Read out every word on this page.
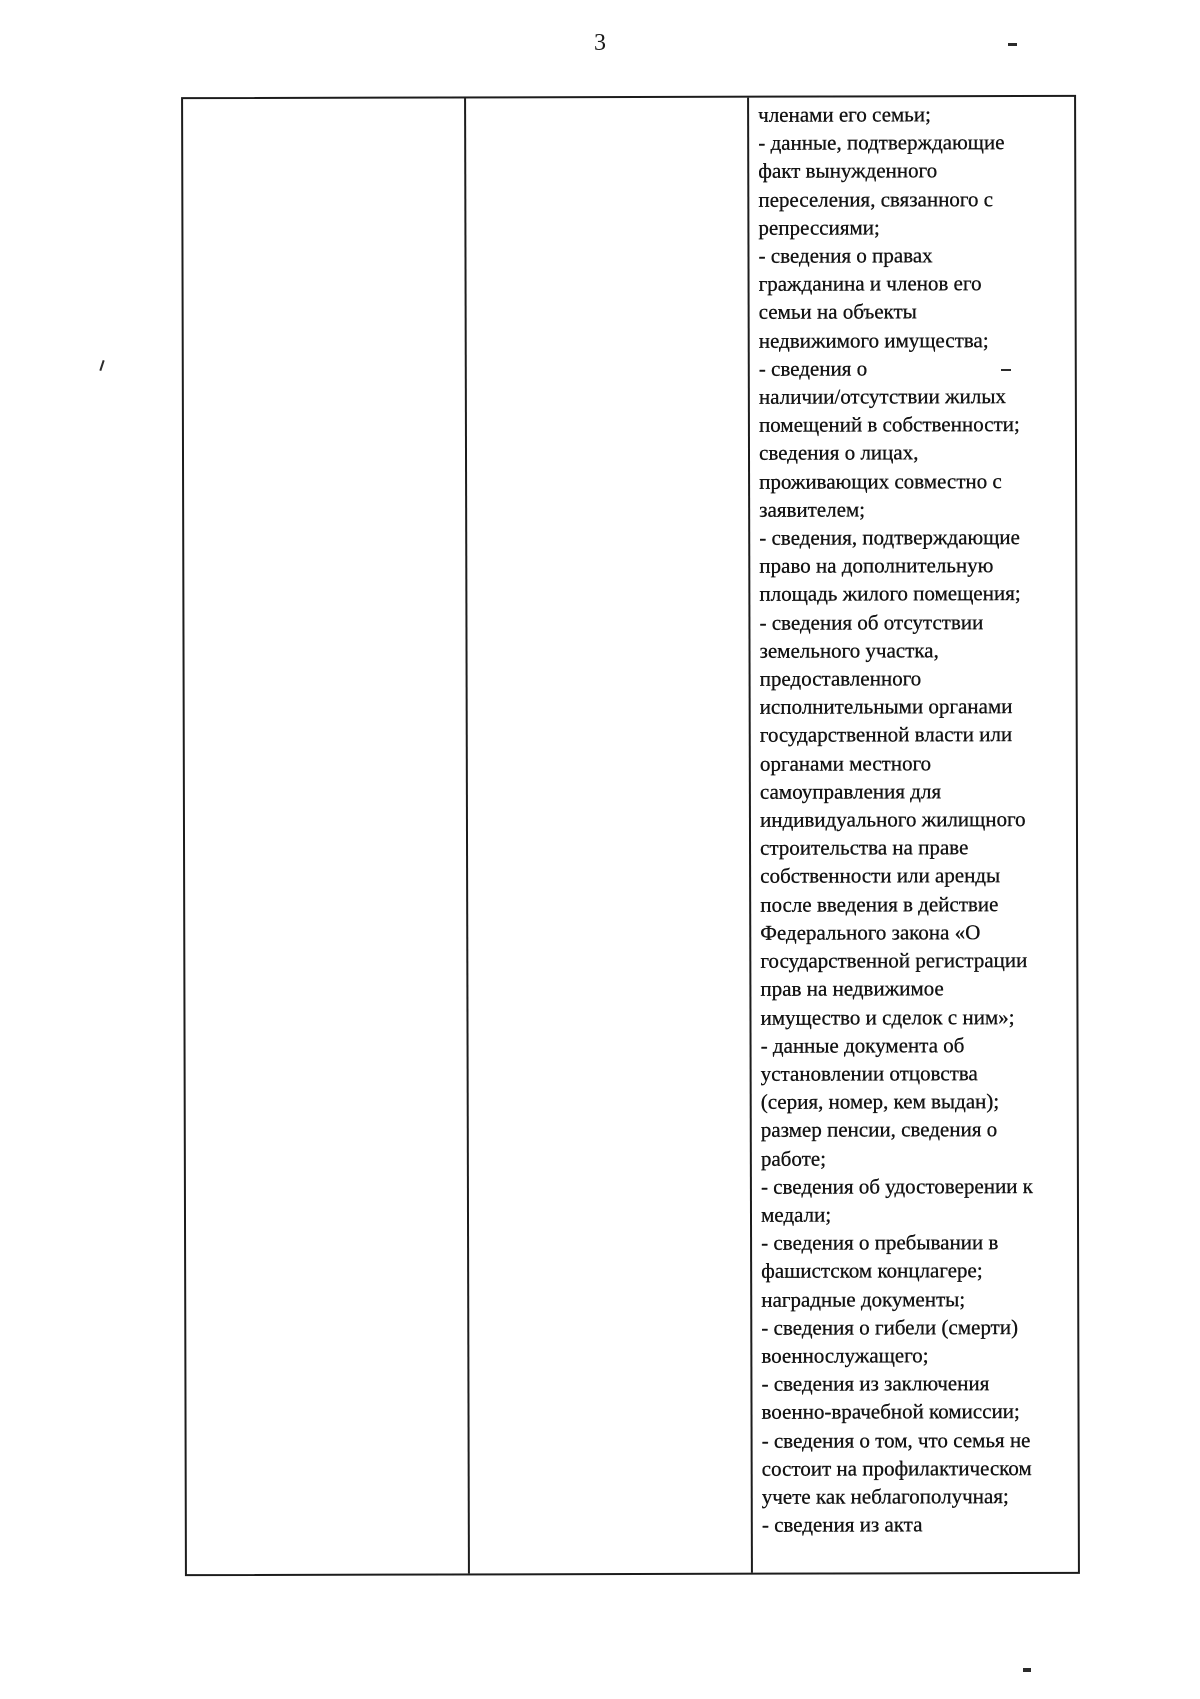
3
членами его семьи;
- данные, подтверждающие
факт вынужденного
переселения, связанного с
репрессиями;
- сведения о правах
гражданина и членов его
семьи на объекты
недвижимого имущества;
- сведения о
наличии/отсутствии жилых
помещений в собственности;
сведения о лицах,
проживающих совместно с
заявителем;
- сведения, подтверждающие
право на дополнительную
площадь жилого помещения;
- сведения об отсутствии
земельного участка,
предоставленного
исполнительными органами
государственной власти или
органами местного
самоуправления для
индивидуального жилищного
строительства на праве
собственности или аренды
после введения в действие
Федерального закона «О
государственной регистрации
прав на недвижимое
имущество и сделок с ним»;
- данные документа об
установлении отцовства
(серия, номер, кем выдан);
размер пенсии, сведения о
работе;
- сведения об удостоверении к
медали;
- сведения о пребывании в
фашистском концлагере;
наградные документы;
- сведения о гибели (смерти)
военнослужащего;
- сведения из заключения
военно-врачебной комиссии;
- сведения о том, что семья не
состоит на профилактическом
учете как неблагополучная;
- сведения из акта
